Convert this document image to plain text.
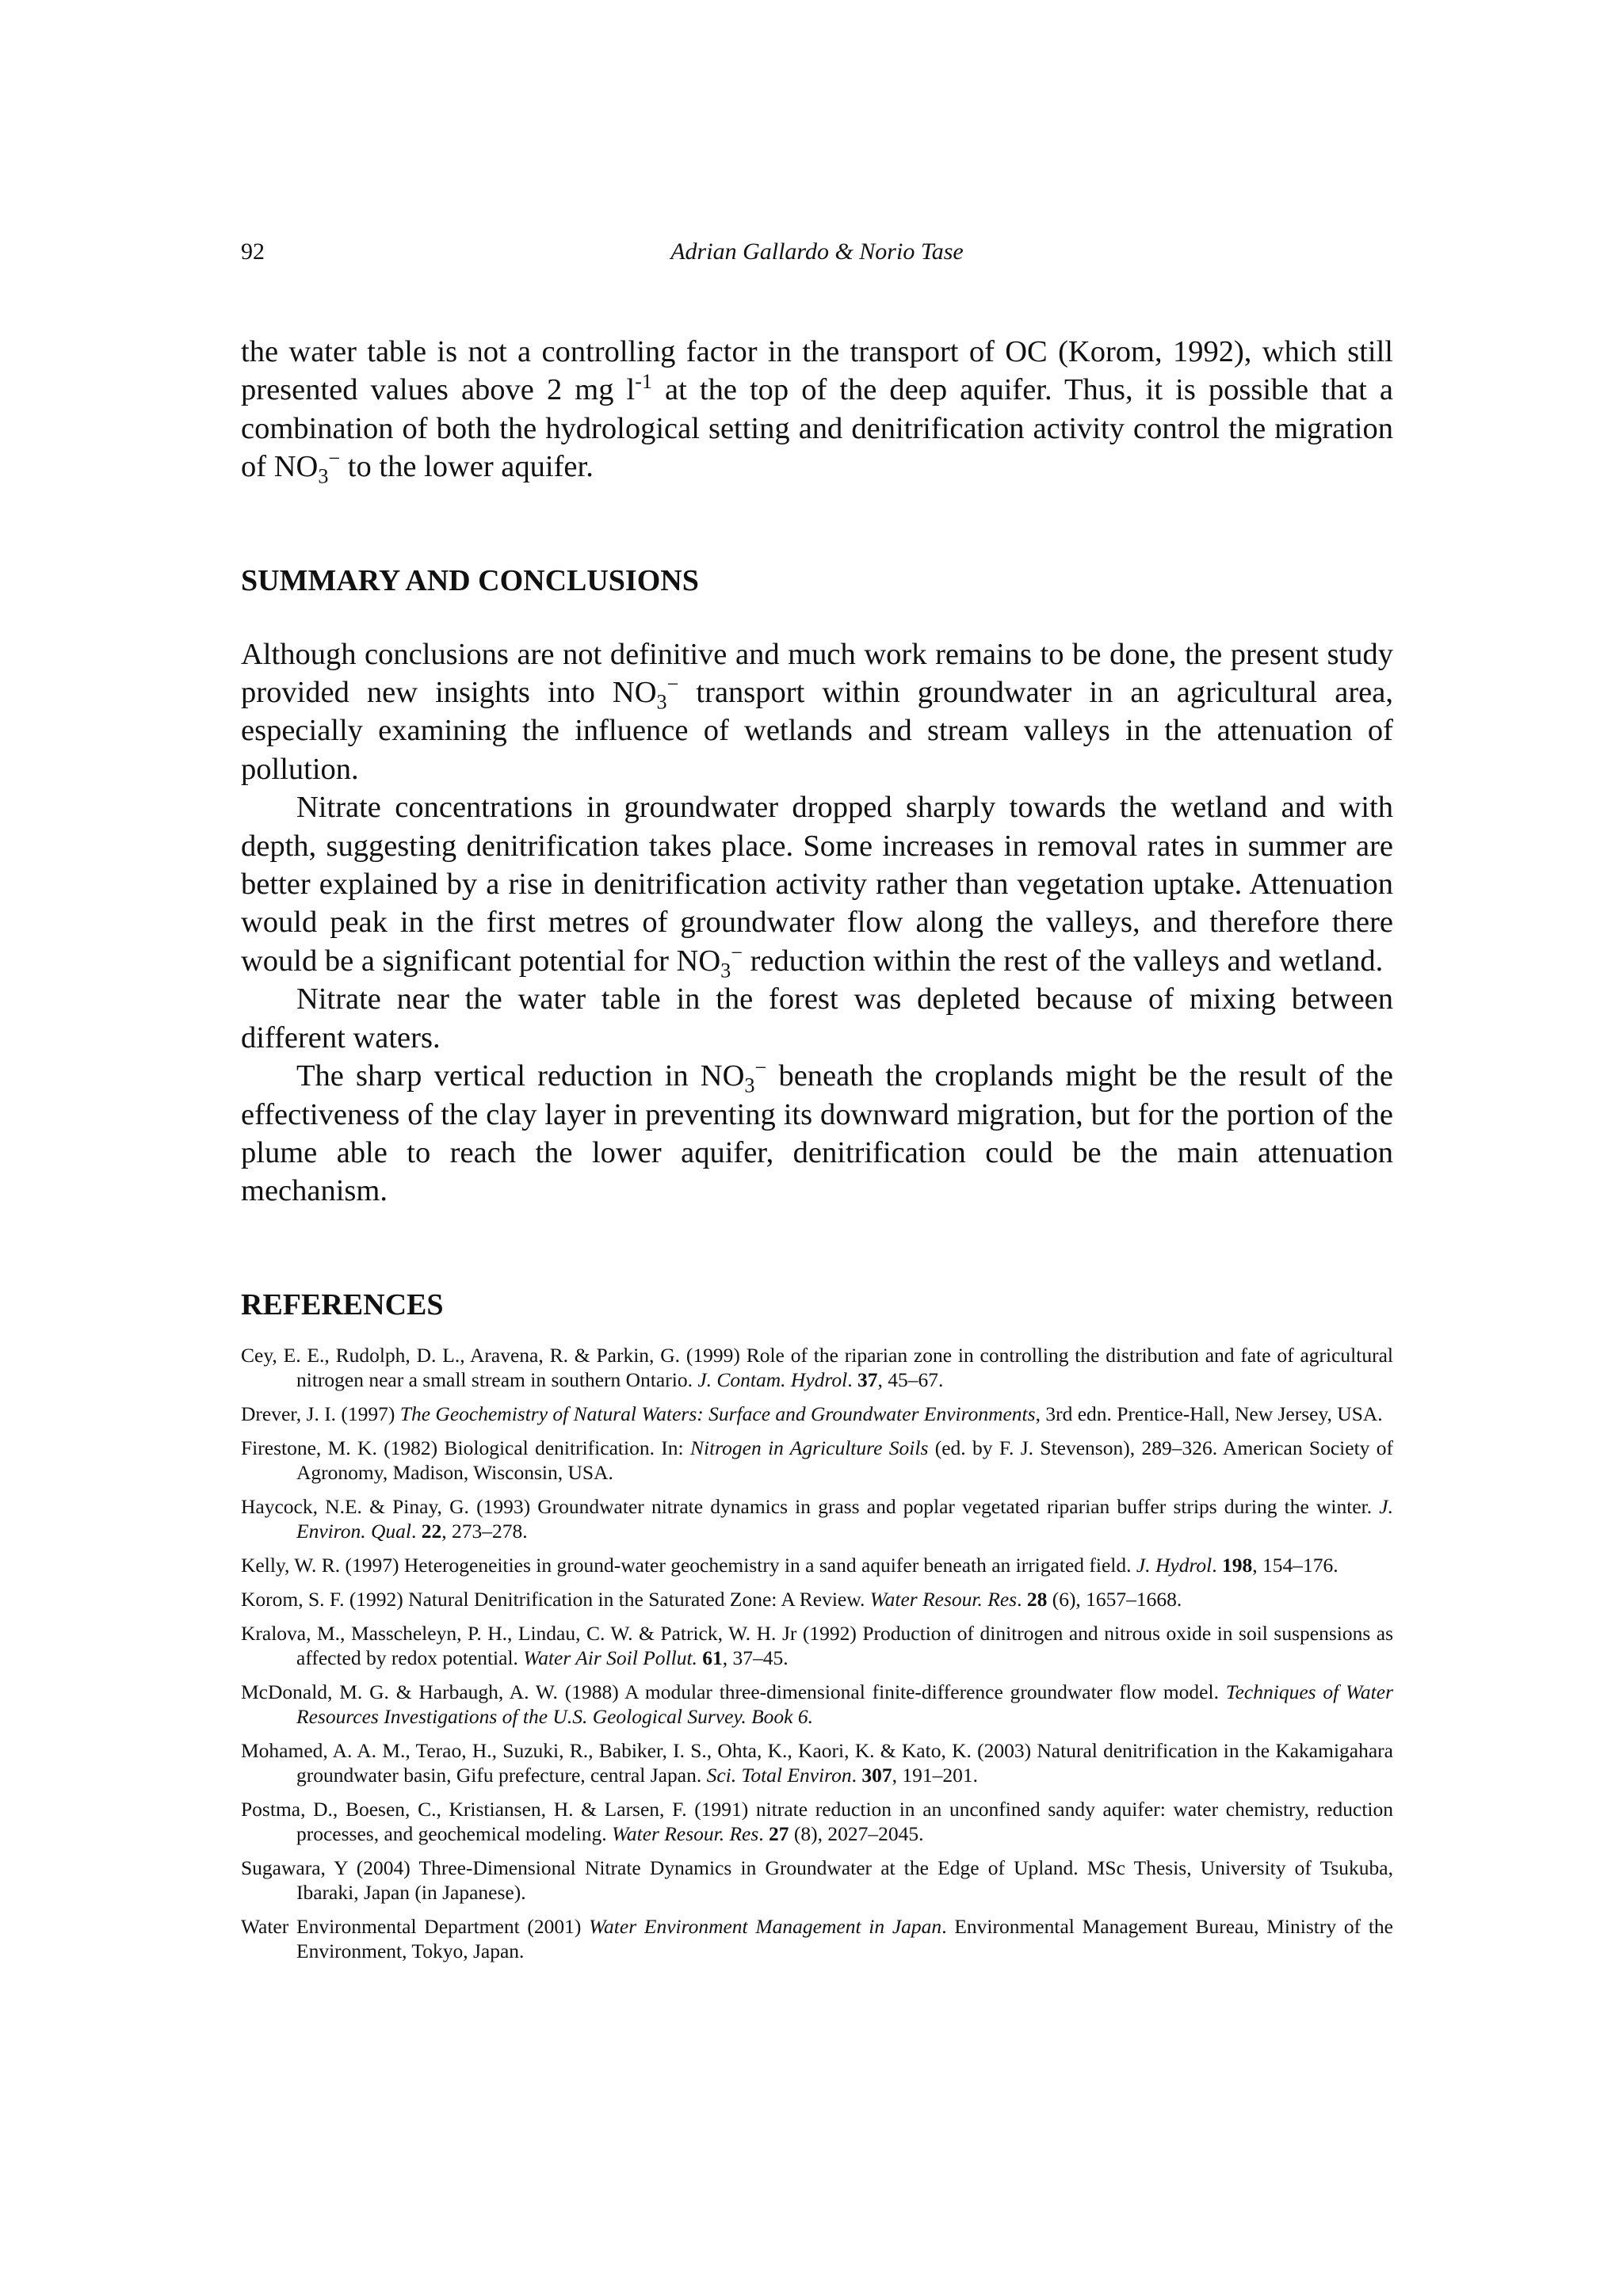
92	Adrian Gallardo & Norio Tase

the water table is not a controlling factor in the transport of OC (Korom, 1992), which still presented values above 2 mg $l^{-1}$ at the top of the deep aquifer. Thus, it is possible that a combination of both the hydrological setting and denitrification activity control the migration of $NO_3^-$ to the lower aquifer.

SUMMARY AND CONCLUSIONS

Although conclusions are not definitive and much work remains to be done, the present study provided new insights into $NO_3^-$ transport within groundwater in an agricultural area, especially examining the influence of wetlands and stream valleys in the attenuation of pollution.

Nitrate concentrations in groundwater dropped sharply towards the wetland and with depth, suggesting denitrification takes place. Some increases in removal rates in summer are better explained by a rise in denitrification activity rather than vegetation uptake. Attenuation would peak in the first metres of groundwater flow along the valleys, and therefore there would be a significant potential for $NO_3^-$ reduction within the rest of the valleys and wetland.

Nitrate near the water table in the forest was depleted because of mixing between different waters.

The sharp vertical reduction in $NO_3^-$ beneath the croplands might be the result of the effectiveness of the clay layer in preventing its downward migration, but for the portion of the plume able to reach the lower aquifer, denitrification could be the main attenuation mechanism.

REFERENCES

Cey, E. E., Rudolph, D. L., Aravena, R. & Parkin, G. (1999) Role of the riparian zone in controlling the distribution and fate of agricultural nitrogen near a small stream in southern Ontario. J. Contam. Hydrol. 37, 45–67.

Drever, J. I. (1997) The Geochemistry of Natural Waters: Surface and Groundwater Environments, 3rd edn. Prentice-Hall, New Jersey, USA.

Firestone, M. K. (1982) Biological denitrification. In: Nitrogen in Agriculture Soils (ed. by F. J. Stevenson), 289–326. American Society of Agronomy, Madison, Wisconsin, USA.

Haycock, N.E. & Pinay, G. (1993) Groundwater nitrate dynamics in grass and poplar vegetated riparian buffer strips during the winter. J. Environ. Qual. 22, 273–278.

Kelly, W. R. (1997) Heterogeneities in ground-water geochemistry in a sand aquifer beneath an irrigated field. J. Hydrol. 198, 154–176.

Korom, S. F. (1992) Natural Denitrification in the Saturated Zone: A Review. Water Resour. Res. 28 (6), 1657–1668.

Kralova, M., Masscheleyn, P. H., Lindau, C. W. & Patrick, W. H. Jr (1992) Production of dinitrogen and nitrous oxide in soil suspensions as affected by redox potential. Water Air Soil Pollut. 61, 37–45.

McDonald, M. G. & Harbaugh, A. W. (1988) A modular three-dimensional finite-difference groundwater flow model. Techniques of Water Resources Investigations of the U.S. Geological Survey. Book 6.

Mohamed, A. A. M., Terao, H., Suzuki, R., Babiker, I. S., Ohta, K., Kaori, K. & Kato, K. (2003) Natural denitrification in the Kakamigahara groundwater basin, Gifu prefecture, central Japan. Sci. Total Environ. 307, 191–201.

Postma, D., Boesen, C., Kristiansen, H. & Larsen, F. (1991) nitrate reduction in an unconfined sandy aquifer: water chemistry, reduction processes, and geochemical modeling. Water Resour. Res. 27 (8), 2027–2045.

Sugawara, Y (2004) Three-Dimensional Nitrate Dynamics in Groundwater at the Edge of Upland. MSc Thesis, University of Tsukuba, Ibaraki, Japan (in Japanese).

Water Environmental Department (2001) Water Environment Management in Japan. Environmental Management Bureau, Ministry of the Environment, Tokyo, Japan.
